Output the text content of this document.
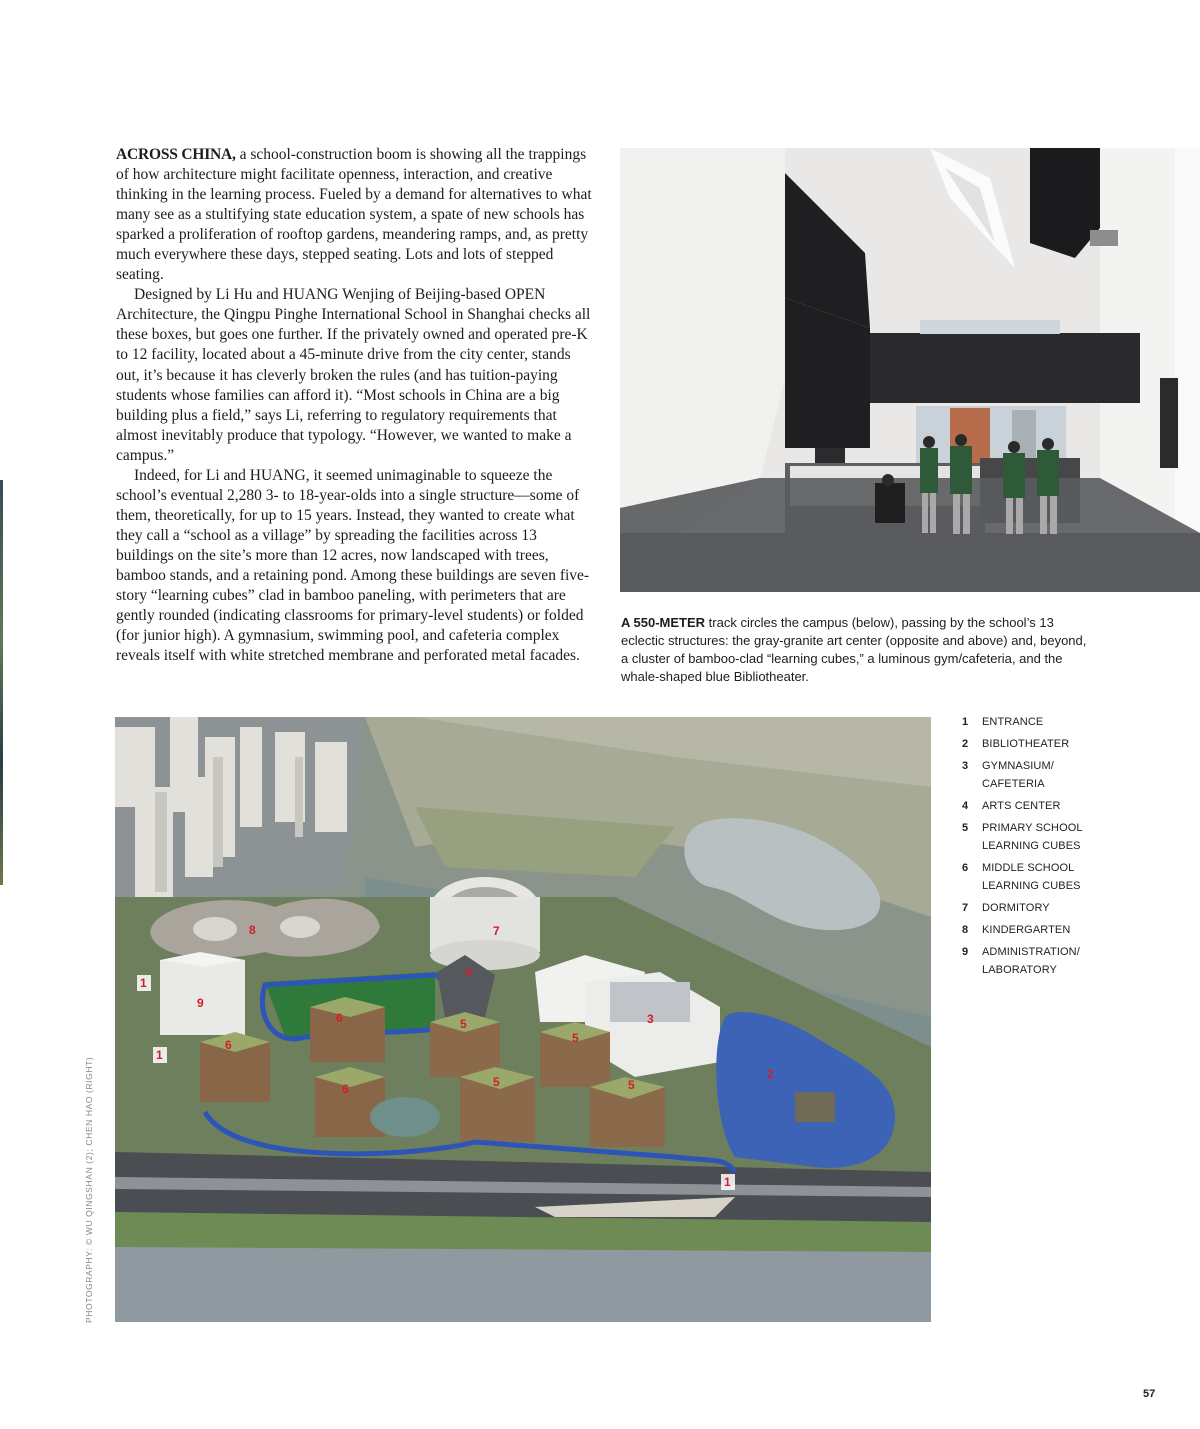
ACROSS CHINA, a school-construction boom is showing all the trappings of how architecture might facilitate openness, interaction, and creative thinking in the learning process. Fueled by a demand for alternatives to what many see as a stultifying state education system, a spate of new schools has sparked a proliferation of rooftop gardens, meandering ramps, and, as pretty much everywhere these days, stepped seating. Lots and lots of stepped seating.

Designed by Li Hu and HUANG Wenjing of Beijing-based OPEN Architecture, the Qingpu Pinghe International School in Shanghai checks all these boxes, but goes one further. If the privately owned and operated pre-K to 12 facility, located about a 45-minute drive from the city center, stands out, it’s because it has cleverly broken the rules (and has tuition-paying students whose families can afford it). “Most schools in China are a big building plus a field,” says Li, referring to regulatory requirements that almost inevitably produce that typology. “However, we wanted to make a campus.”

Indeed, for Li and HUANG, it seemed unimaginable to squeeze the school’s eventual 2,280 3- to 18-year-olds into a single structure—some of them, theoretically, for up to 15 years. Instead, they wanted to create what they call a “school as a village” by spreading the facilities across 13 buildings on the site’s more than 12 acres, now landscaped with trees, bamboo stands, and a retaining pond. Among these buildings are seven five-story “learning cubes” clad in bamboo paneling, with perimeters that are gently rounded (indicating classrooms for primary-level students) or folded (for junior high). A gymnasium, swimming pool, and cafeteria complex reveals itself with white stretched membrane and perforated metal facades.

A 550-METER track circles the campus (below), passing by the school’s 13 eclectic structures: the gray-granite art center (opposite and above) and, beyond, a cluster of bamboo-clad “learning cubes,” a luminous gym/cafeteria, and the whale-shaped blue Bibliotheater.
1
1
1
2
3
4
5
5
5	5
6
6
6
7
8
9
1	ENTRANCE
2	BIBLIOTHEATER
3	GYMNASIUM/ CAFETERIA
4	ARTS CENTER
5	PRIMARY SCHOOL LEARNING CUBES
6	MIDDLE SCHOOL LEARNING CUBES
7	DORMITORY
8	KINDERGARTEN
9	ADMINISTRATION/ LABORATORY
PHOTOGRAPHY: © WU QINGSHAN (2); CHEN HAO (RIGHT)
57
